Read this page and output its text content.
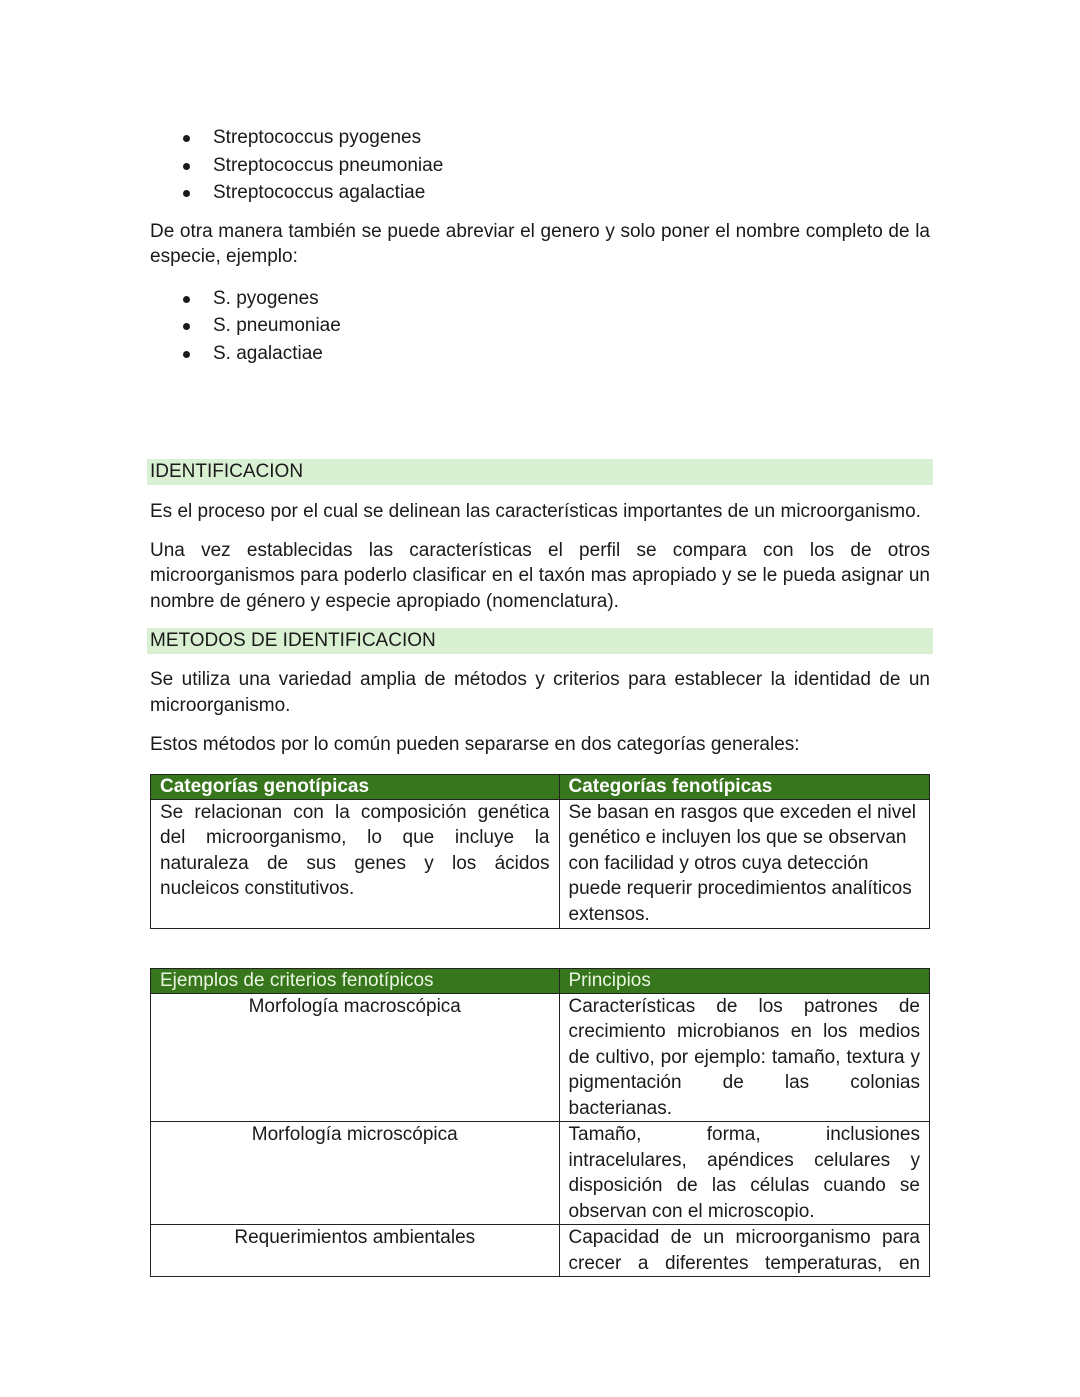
Streptococcus pyogenes
Streptococcus pneumoniae
Streptococcus agalactiae

De otra manera también se puede abreviar el genero y solo poner el nombre completo de la especie, ejemplo:

S. pyogenes
S. pneumoniae
S. agalactiae
IDENTIFICACION

Es el proceso por el cual se delinean las características importantes de un microorganismo.

Una vez establecidas las características el perfil se compara con los de otros microorganismos para poderlo clasificar en el taxón mas apropiado y se le pueda asignar un nombre de género y especie apropiado (nomenclatura).

METODOS DE IDENTIFICACION

Se utiliza una variedad amplia de métodos y criterios para establecer la identidad de un microorganismo.

Estos métodos por lo común pueden separarse en dos categorías generales:

Categorías genotípicas	Categorías fenotípicas
Se relacionan con la composición genética del microorganismo, lo que incluye la naturaleza de sus genes y los ácidos nucleicos constitutivos.	Se basan en rasgos que exceden el nivel genético e incluyen los que se observan con facilidad y otros cuya detección puede requerir procedimientos analíticos extensos.
Ejemplos de criterios fenotípicos	Principios
Morfología macroscópica	Características de los patrones de crecimiento microbianos en los medios de cultivo, por ejemplo: tamaño, textura y pigmentación de las colonias bacterianas.
Morfología microscópica	Tamaño, forma, inclusiones intracelulares, apéndices celulares y disposición de las células cuando se observan con el microscopio.
Requerimientos ambientales	Capacidad de un microorganismo para crecer a diferentes temperaturas, en
